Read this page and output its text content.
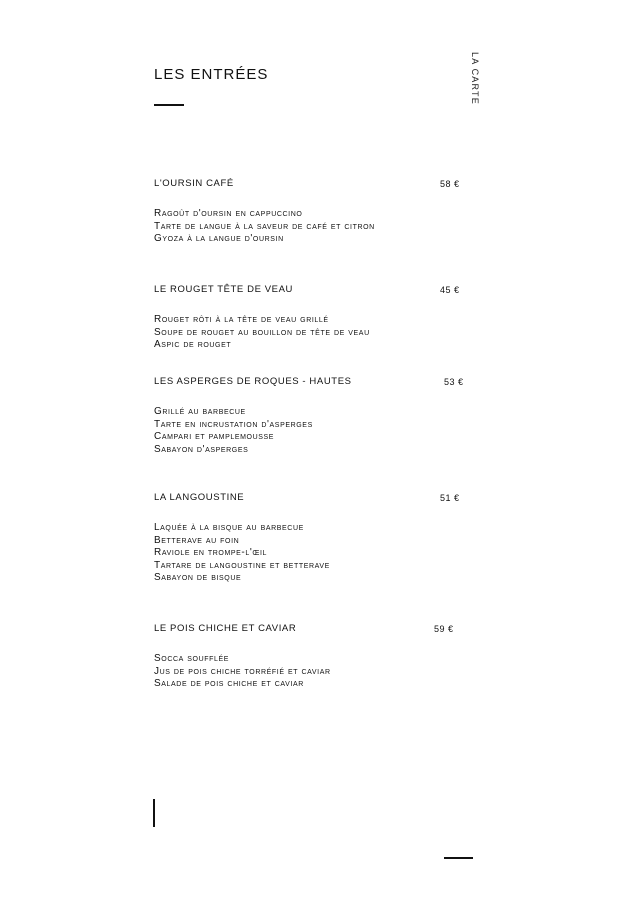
LA CARTE
LES ENTRÉES
L'OURSIN CAFÉ	58 €
Ragoût d'oursin en cappuccino
Tarte de langue à la saveur de café et citron
Gyoza à la langue d'oursin
LE ROUGET TÊTE DE VEAU	45 €
Rouget rôti à la tête de veau grillé
Soupe de rouget au bouillon de tête de veau
Aspic de rouget
LES ASPERGES DE ROQUES - HAUTES	53 €
Grillé au barbecue
Tarte en incrustation d'asperges
Campari et pamplemousse
Sabayon d'asperges
LA LANGOUSTINE	51 €
Laquée à la bisque au barbecue
Betterave au foin
Raviole en trompe-l'œil
Tartare de langoustine et betterave
Sabayon de bisque
LE POIS CHICHE ET CAVIAR	59 €
Socca soufflée
Jus de pois chiche torréfié et caviar
Salade de pois chiche et caviar
